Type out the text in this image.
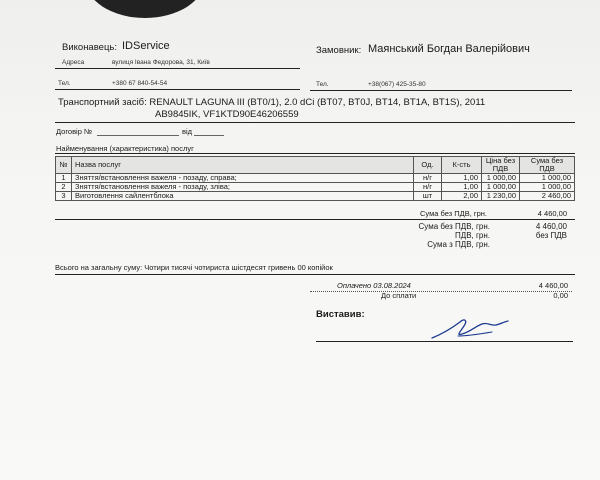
Виконавець: IDService
Адреса	вулиця Івана Федорова, 31, Київ
Тел.	+380 67 840-54-54
Замовник: Маянський Богдан Валерійович
Тел.	+38(067) 425-35-80
Транспортний засіб: RENAULT LAGUNA III (BT0/1), 2.0 dCi (BT07, BT0J, BT14, BT1A, BT1S), 2011
AB9845IK, VF1KTD90E46206559
Договір №	від
Найменування (характеристика) послуг
№	Назва послуг	Од.	К-сть	Ціна без ПДВ	Сума без ПДВ
1	Зняття/встановлення важеля - позаду, справа;	н/г	1,00	1 000,00	1 000,00
2	Зняття/встановлення важеля - позаду, зліва;	н/г	1,00	1 000,00	1 000,00
3	Виготовлення сайлентблока	шт	2,00	1 230,00	2 460,00
Сума без ПДВ, грн.	4 460,00
Сума без ПДВ, грн.	4 460,00
ПДВ, грн.	без ПДВ
Сума з ПДВ, грн.
Всього на загальну суму: Чотири тисячі чотириста шістдесят гривень 00 копійок
Оплачено 03.08.2024	4 460,00
До сплати	0,00
Виставив:
